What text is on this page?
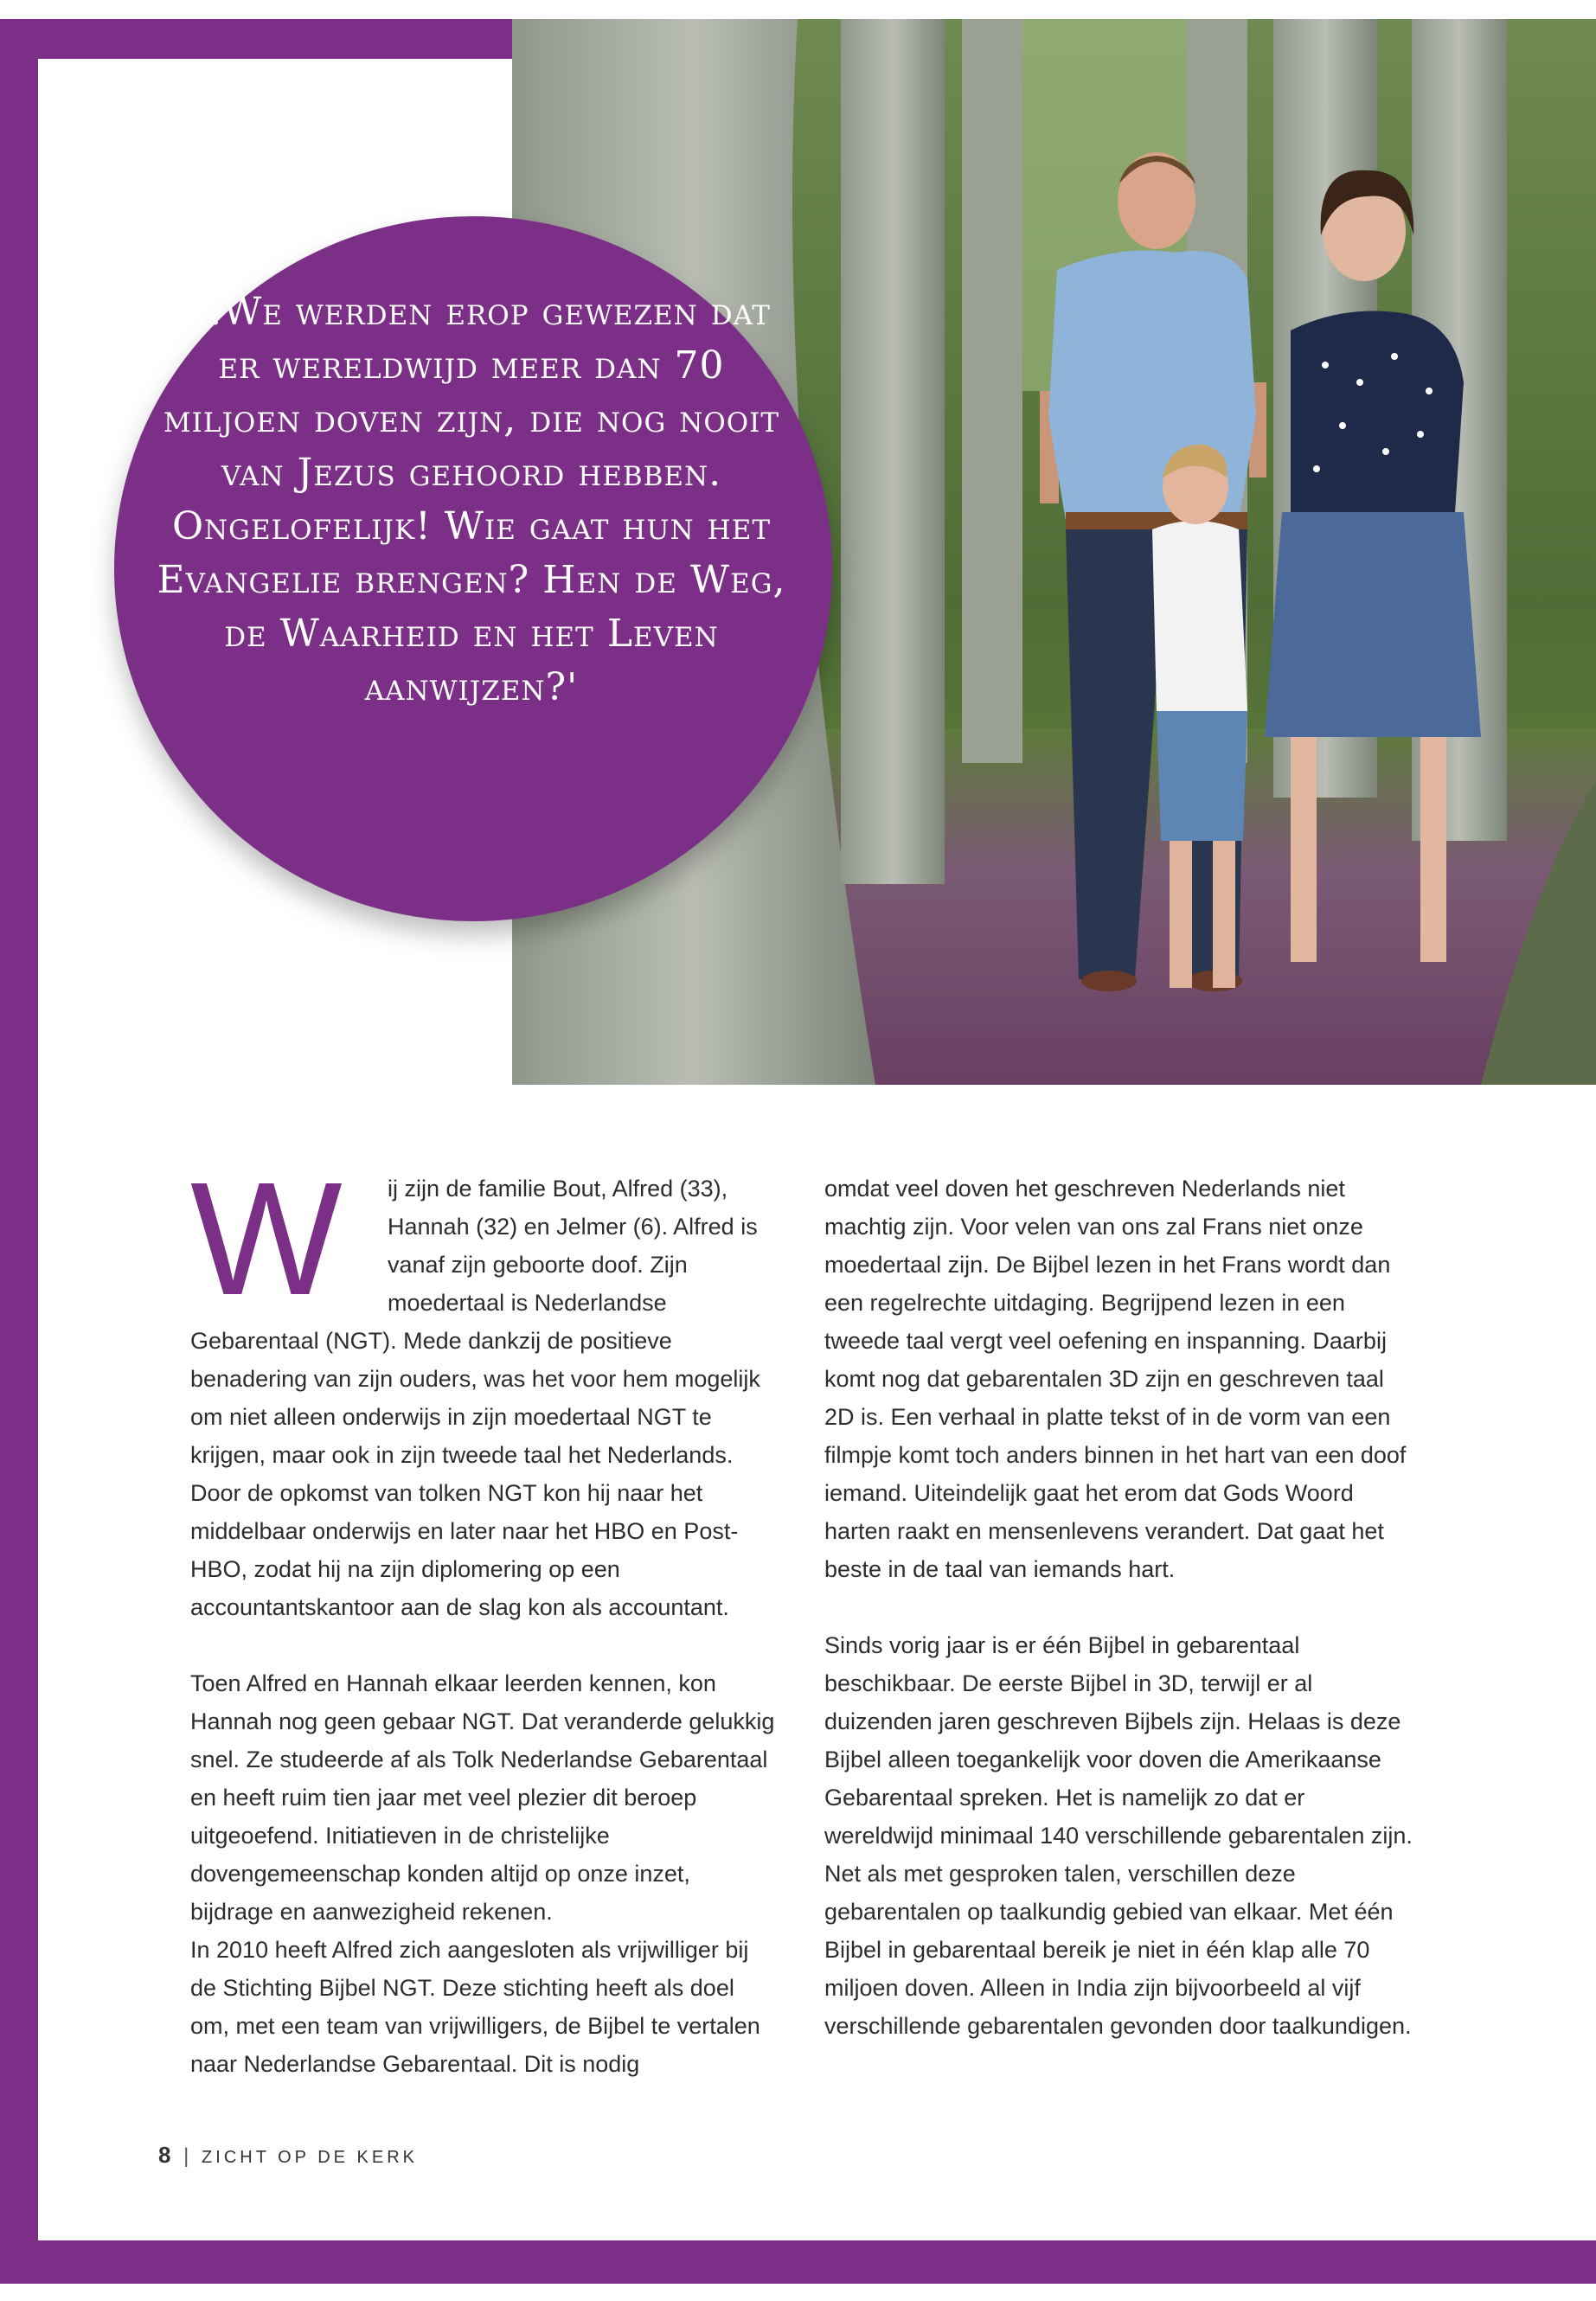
'...We werden erop gewezen dat er wereldwijd meer dan 70 miljoen doven zijn, die nog nooit van Jezus gehoord hebben. Ongelofelijk! Wie gaat hun het Evangelie brengen? Hen de Weg, de Waarheid en het Leven aanwijzen?'
W	ij zijn de familie Bout, Alfred (33), Hannah (32) en Jelmer (6). Alfred is vanaf zijn geboorte doof. Zijn moedertaal is Nederlandse Gebarentaal (NGT). Mede dankzij de positieve benadering van zijn ouders, was het voor hem mogelijk om niet alleen onderwijs in zijn moedertaal NGT te krijgen, maar ook in zijn tweede taal het Nederlands. Door de opkomst van tolken NGT kon hij naar het middelbaar onderwijs en later naar het HBO en Post-HBO, zodat hij na zijn diplomering op een accountantskantoor aan de slag kon als accountant.

Toen Alfred en Hannah elkaar leerden kennen, kon Hannah nog geen gebaar NGT. Dat veranderde gelukkig snel. Ze studeerde af als Tolk Nederlandse Gebarentaal en heeft ruim tien jaar met veel plezier dit beroep uitgeoefend. Initiatieven in de christelijke dovengemeenschap konden altijd op onze inzet, bijdrage en aanwezigheid rekenen.

In 2010 heeft Alfred zich aangesloten als vrijwilliger bij de Stichting Bijbel NGT. Deze stichting heeft als doel om, met een team van vrijwilligers, de Bijbel te vertalen naar Nederlandse Gebarentaal. Dit is nodig

omdat veel doven het geschreven Nederlands niet machtig zijn. Voor velen van ons zal Frans niet onze moedertaal zijn. De Bijbel lezen in het Frans wordt dan een regelrechte uitdaging. Begrijpend lezen in een tweede taal vergt veel oefening en inspanning. Daarbij komt nog dat gebarentalen 3D zijn en geschreven taal 2D is. Een verhaal in platte tekst of in de vorm van een filmpje komt toch anders binnen in het hart van een doof iemand. Uiteindelijk gaat het erom dat Gods Woord harten raakt en mensenlevens verandert. Dat gaat het beste in de taal van iemands hart.

Sinds vorig jaar is er één Bijbel in gebarentaal beschikbaar. De eerste Bijbel in 3D, terwijl er al duizenden jaren geschreven Bijbels zijn. Helaas is deze Bijbel alleen toegankelijk voor doven die Amerikaanse Gebarentaal spreken. Het is namelijk zo dat er wereldwijd minimaal 140 verschillende gebarentalen zijn. Net als met gesproken talen, verschillen deze gebarentalen op taalkundig gebied van elkaar. Met één Bijbel in gebarentaal bereik je niet in één klap alle 70 miljoen doven. Alleen in India zijn bijvoorbeeld al vijf verschillende gebarentalen gevonden door taalkundigen.

8 | ZICHT OP DE KERK
